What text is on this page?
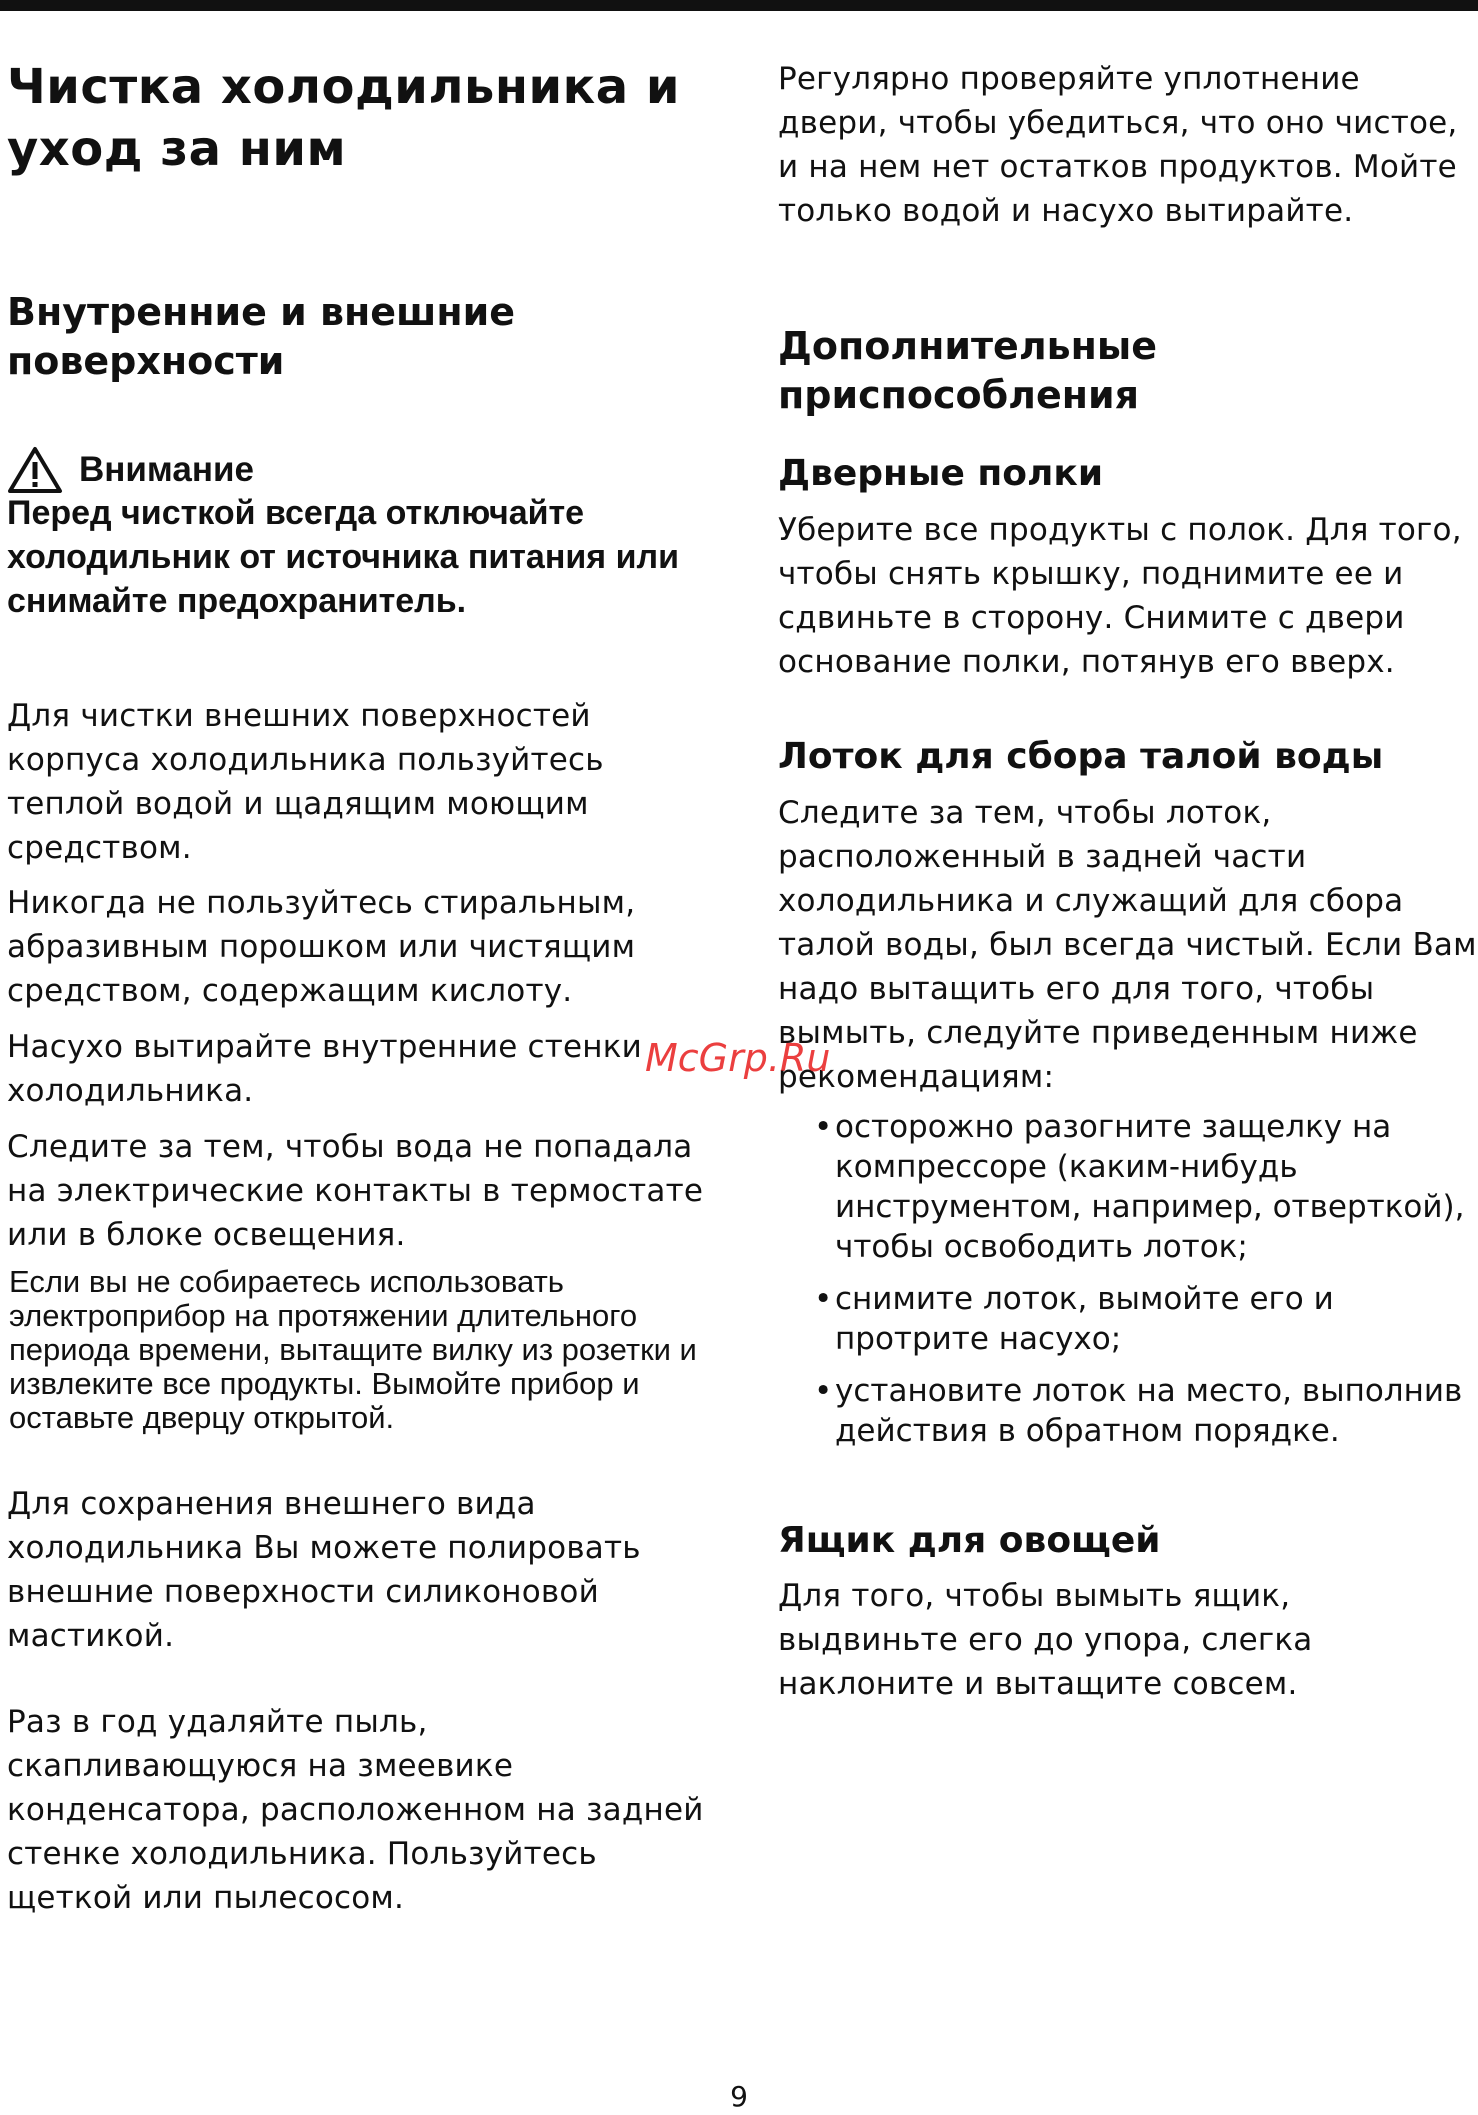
Чистка холодильника и уход за ним
Внутренние и внешние поверхности
Внимание

Перед чисткой всегда отключайте холодильник от источника питания или снимайте предохранитель.

Для чистки внешних поверхностей корпуса холодильника пользуйтесь теплой водой и щадящим моющим средством.

Никогда не пользуйтесь стиральным, абразивным порошком или чистящим средством, содержащим кислоту.

Насухо вытирайте внутренние стенки холодильника.

Следите за тем, чтобы вода не попадала на электрические контакты в термостате или в блоке освещения.

Если вы не собираетесь использовать электроприбор на протяжении длительного периода времени, вытащите вилку из розетки и извлеките все продукты. Вымойте прибор и оставьте дверцу открытой.

Для сохранения внешнего вида холодильника Вы можете полировать внешние поверхности силиконовой мастикой.

Раз в год удаляйте пыль, скапливающуюся на змеевике конденсатора, расположенном на задней стенке холодильника. Пользуйтесь щеткой или пылесосом.

Регулярно проверяйте уплотнение двери, чтобы убедиться, что оно чистое, и на нем нет остатков продуктов. Мойте только водой и насухо вытирайте.

Дополнительные приспособления
Дверные полки

Уберите все продукты с полок. Для того, чтобы снять крышку, поднимите ее и сдвиньте в сторону. Снимите с двери основание полки, потянув его вверх.

Лоток для сбора талой воды

Следите за тем, чтобы лоток, расположенный в задней части холодильника и служащий для сбора талой воды, был всегда чистый. Если Вам надо вытащить его для того, чтобы вымыть, следуйте приведенным ниже рекомендациям:

• осторожно разогните защелку на компрессоре (каким-нибудь инструментом, например, отверткой), чтобы освободить лоток;
• снимите лоток, вымойте его и протрите насухо;
• установите лоток на место, выполнив действия в обратном порядке.
Ящик для овощей

Для того, чтобы вымыть ящик, выдвиньте его до упора, слегка наклоните и вытащите совсем.

McGrp.Ru
9
